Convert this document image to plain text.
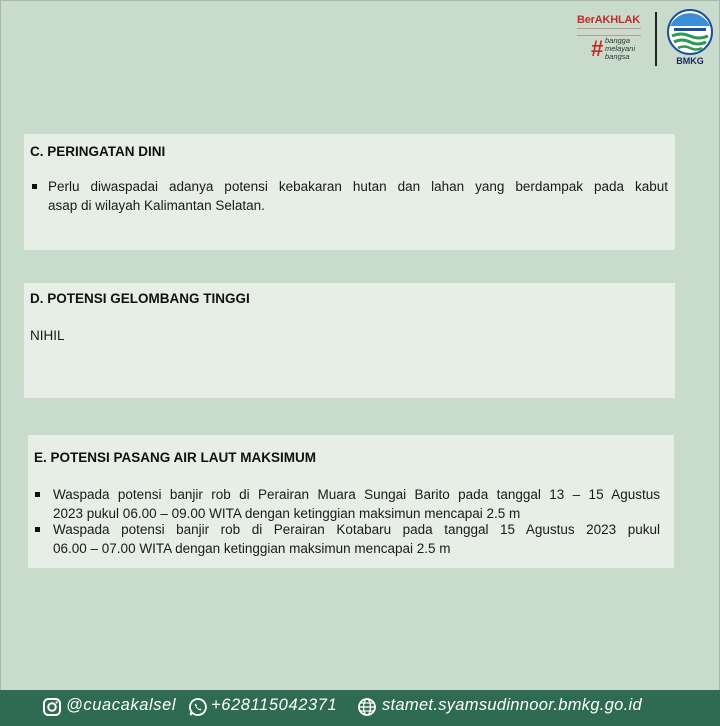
BerAKHLAK
# bangga
melayani
bangsa	BMKG
C. PERINGATAN DINI
Perlu diwaspadai adanya potensi kebakaran hutan dan lahan yang berdampak pada kabut
asap di wilayah Kalimantan Selatan.
D. POTENSI GELOMBANG TINGGI
NIHIL
E. POTENSI PASANG AIR LAUT MAKSIMUM
Waspada potensi banjir rob di Perairan Muara Sungai Barito pada tanggal 13 – 15 Agustus
2023 pukul 06.00 – 09.00 WITA dengan ketinggian maksimun mencapai 2.5 m
Waspada potensi banjir rob di Perairan Kotabaru pada tanggal 15 Agustus 2023 pukul
06.00 – 07.00 WITA dengan ketinggian maksimun mencapai 2.5 m
@cuacakalsel +628115042371	stamet.syamsudinnoor.bmkg.go.id
